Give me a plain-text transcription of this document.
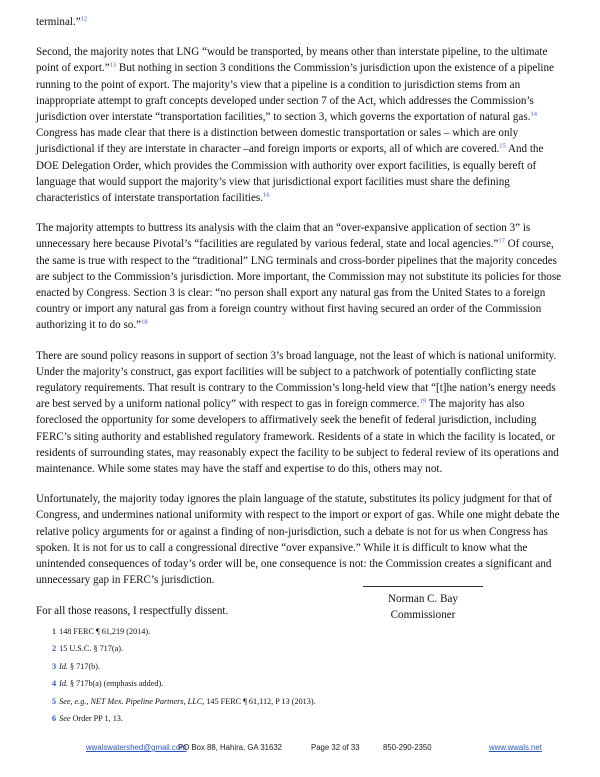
terminal.”$^{12}$

Second, the majority notes that LNG “would be transported, by means other than interstate pipeline, to the ultimate point of export.”$^{13}$ But nothing in section 3 conditions the Commission’s jurisdiction upon the existence of a pipeline running to the point of export. The majority’s view that a pipeline is a condition to jurisdiction stems from an inappropriate attempt to graft concepts developed under section 7 of the Act, which addresses the Commission’s jurisdiction over interstate “transportation facilities,” to section 3, which governs the exportation of natural gas.$^{14}$ Congress has made clear that there is a distinction between domestic transportation or sales – which are only jurisdictional if they are interstate in character –and foreign imports or exports, all of which are covered.$^{15}$ And the DOE Delegation Order, which provides the Commission with authority over export facilities, is equally bereft of language that would support the majority’s view that jurisdictional export facilities must share the defining characteristics of interstate transportation facilities.$^{16}$

The majority attempts to buttress its analysis with the claim that an “over-expansive application of section 3” is unnecessary here because Pivotal’s “facilities are regulated by various federal, state and local agencies.”$^{17}$ Of course, the same is true with respect to the “traditional” LNG terminals and cross-border pipelines that the majority concedes are subject to the Commission’s jurisdiction. More important, the Commission may not substitute its policies for those enacted by Congress. Section 3 is clear: “no person shall export any natural gas from the United States to a foreign country or import any natural gas from a foreign country without first having secured an order of the Commission authorizing it to do so.”$^{18}$

There are sound policy reasons in support of section 3’s broad language, not the least of which is national uniformity. Under the majority’s construct, gas export facilities will be subject to a patchwork of potentially conflicting state regulatory requirements. That result is contrary to the Commission’s long-held view that “[t]he nation’s energy needs are best served by a uniform national policy” with respect to gas in foreign commerce.$^{19}$ The majority has also foreclosed the opportunity for some developers to affirmatively seek the benefit of federal jurisdiction, including FERC’s siting authority and established regulatory framework. Residents of a state in which the facility is located, or residents of surrounding states, may reasonably expect the facility to be subject to federal review of its operations and maintenance. While some states may have the staff and expertise to do this, others may not.

Unfortunately, the majority today ignores the plain language of the statute, substitutes its policy judgment for that of Congress, and undermines national uniformity with respect to the import or export of gas. While one might debate the relative policy arguments for or against a finding of non-jurisdiction, such a debate is not for us when Congress has spoken. It is not for us to call a congressional directive “over expansive.” While it is difficult to know what the unintended consequences of today’s order will be, one consequence is not: the Commission creates a significant and unnecessary gap in FERC’s jurisdiction.

For all those reasons, I respectfully dissent.

Norman C. Bay
Commissioner
1 148 FERC ¶ 61,219 (2014).
2 15 U.S.C. § 717(a).
3 Id. § 717(b).
4 Id. § 717b(a) (emphasis added).
5 See, e.g., NET Mex. Pipeline Partners, LLC, 145 FERC ¶ 61,112, P 13 (2013).
6 See Order PP 1, 13.
wwalswatershed@gmail.com
PO Box 88, Hahira, GA 31632	Page 32 of 33	850-290-2350	www.wwals.net
